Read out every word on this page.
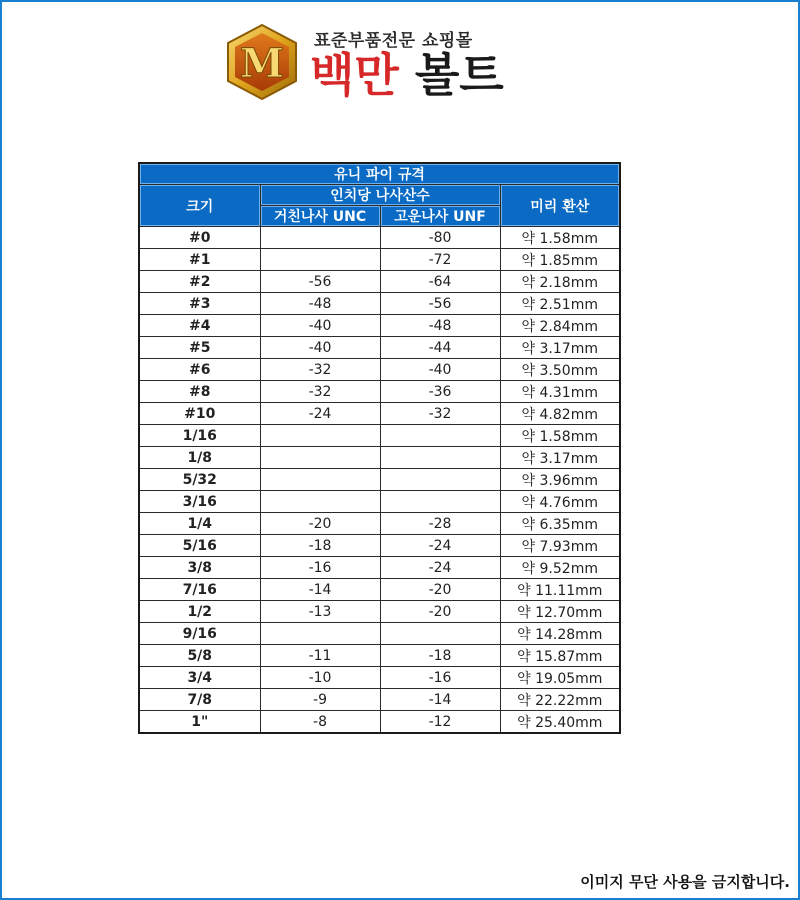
M 표준부품전문 쇼핑몰
백만 볼트
유니 파이 규격			
크기	인치당 나사산수		미리 환산
	거친나사 UNC	고운나사 UNF	
#0		-80	약 1.58mm
#1		-72	약 1.85mm
#2	-56	-64	약 2.18mm
#3	-48	-56	약 2.51mm
#4	-40	-48	약 2.84mm
#5	-40	-44	약 3.17mm
#6	-32	-40	약 3.50mm
#8	-32	-36	약 4.31mm
#10	-24	-32	약 4.82mm
1/16			약 1.58mm
1/8			약 3.17mm
5/32			약 3.96mm
3/16			약 4.76mm
1/4	-20	-28	약 6.35mm
5/16	-18	-24	약 7.93mm
3/8	-16	-24	약 9.52mm
7/16	-14	-20	약 11.11mm
1/2	-13	-20	약 12.70mm
9/16			약 14.28mm
5/8	-11	-18	약 15.87mm
3/4	-10	-16	약 19.05mm
7/8	-9	-14	약 22.22mm
1"	-8	-12	약 25.40mm
이미지 무단 사용을 금지합니다.
